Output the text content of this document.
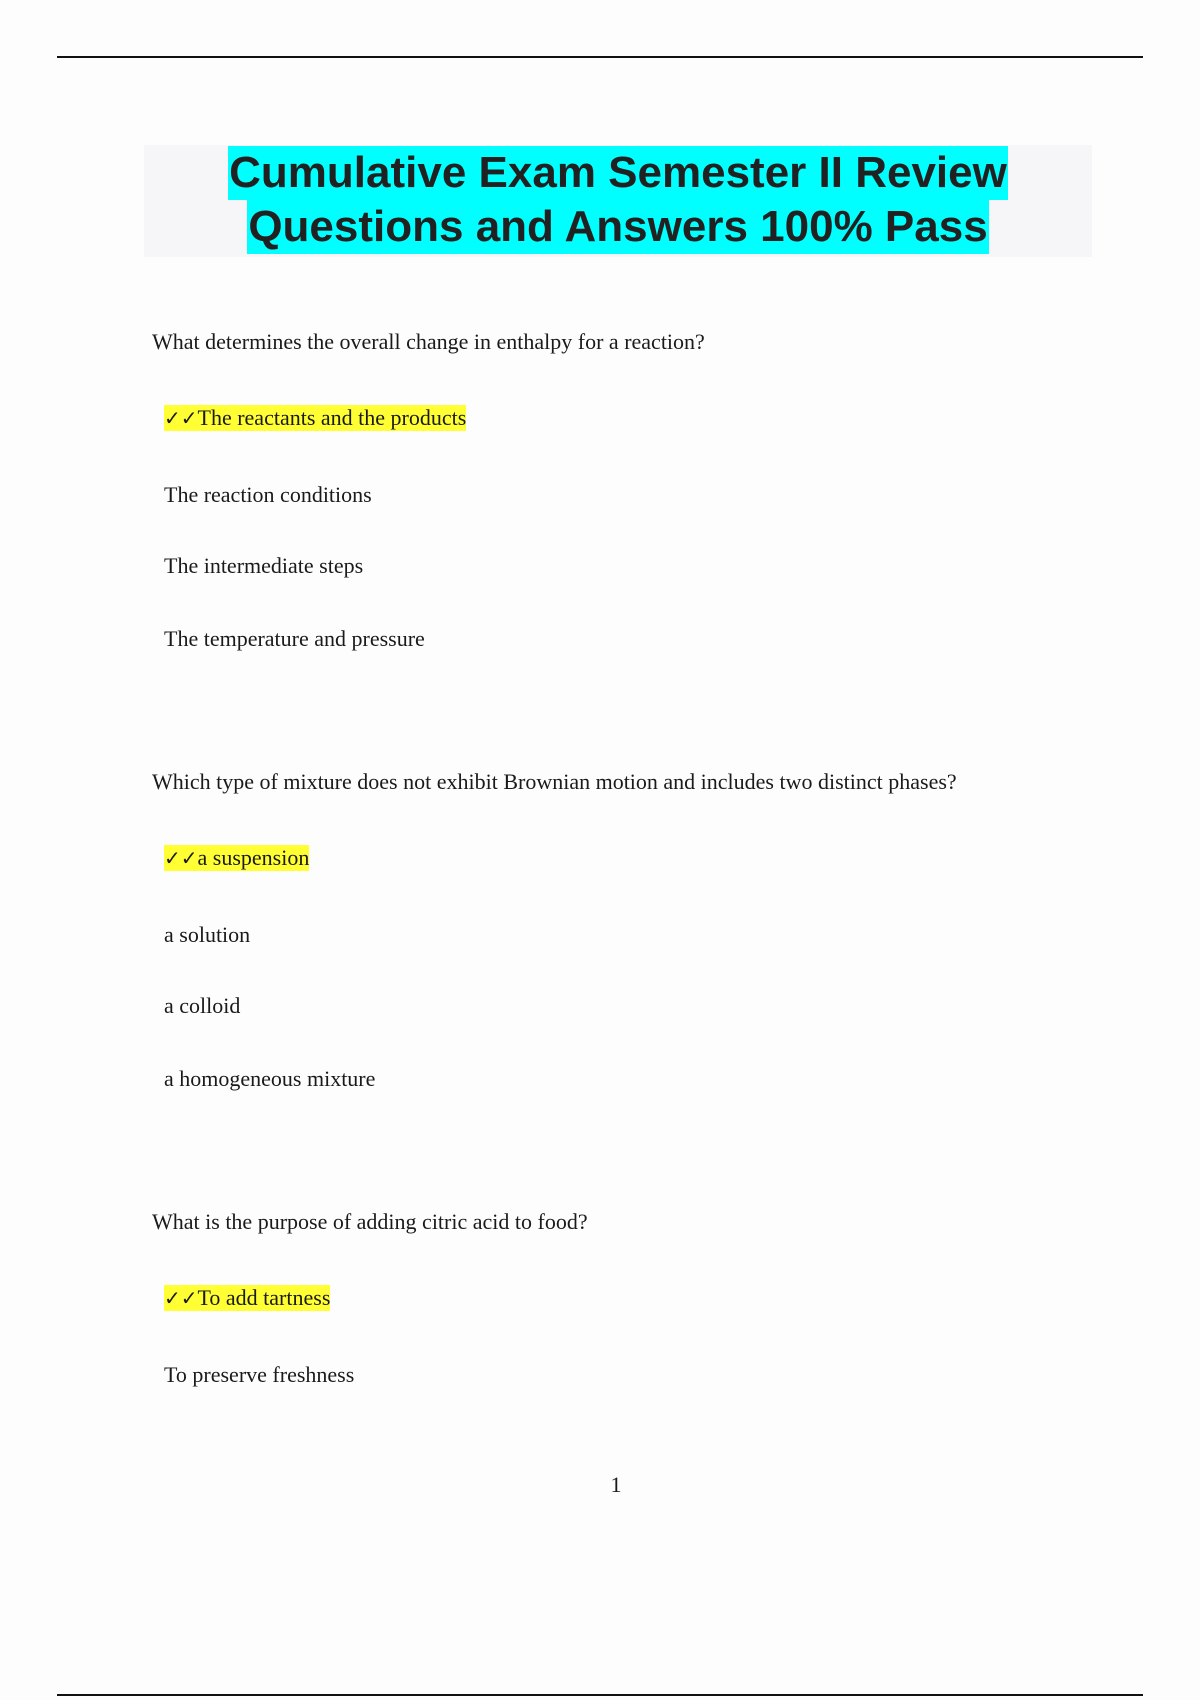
Cumulative Exam Semester II Review
Questions and Answers 100% Pass
What determines the overall change in enthalpy for a reaction?
✓✓The reactants and the products
The reaction conditions
The intermediate steps
The temperature and pressure
Which type of mixture does not exhibit Brownian motion and includes two distinct phases?
✓✓a suspension
a solution
a colloid
a homogeneous mixture
What is the purpose of adding citric acid to food?
✓✓To add tartness
To preserve freshness
1
